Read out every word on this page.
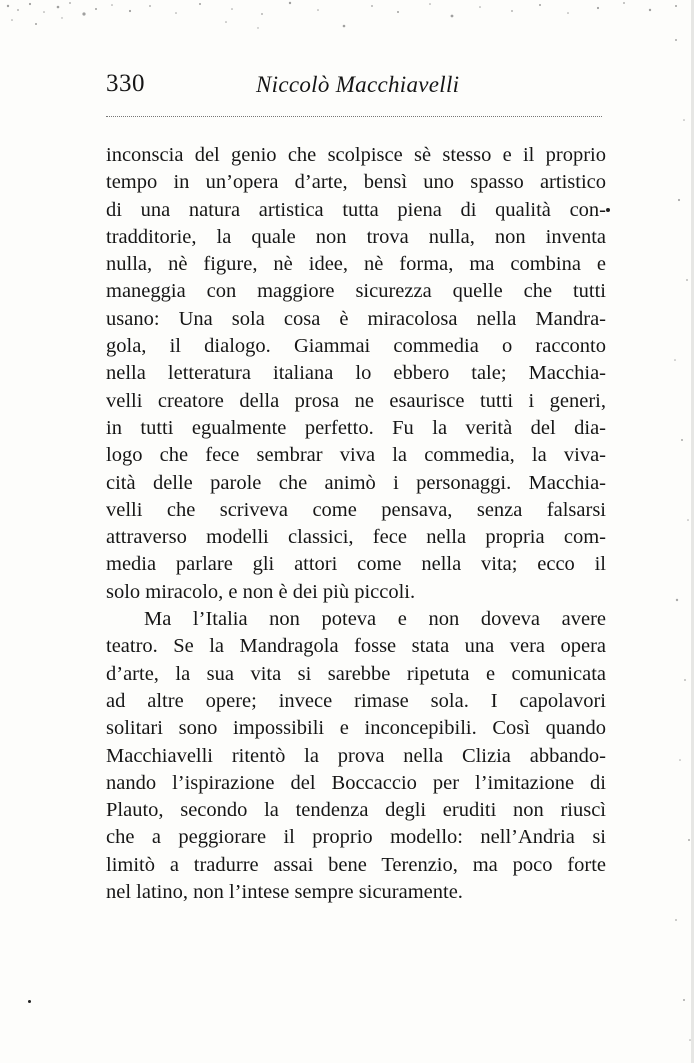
330	Niccolò Macchiavelli
inconscia del genio che scolpisce sè stesso e il proprio
tempo in un’opera d’arte, bensì uno spasso artistico
di una natura artistica tutta piena di qualità con-
tradditorie, la quale non trova nulla, non inventa
nulla, nè figure, nè idee, nè forma, ma combina e
maneggia con maggiore sicurezza quelle che tutti
usano: Una sola cosa è miracolosa nella Mandra-
gola, il dialogo. Giammai commedia o racconto
nella letteratura italiana lo ebbero tale; Macchia-
velli creatore della prosa ne esaurisce tutti i generi,
in tutti egualmente perfetto. Fu la verità del dia-
logo che fece sembrar viva la commedia, la viva-
cità delle parole che animò i personaggi. Macchia-
velli che scriveva come pensava, senza falsarsi
attraverso modelli classici, fece nella propria com-
media parlare gli attori come nella vita; ecco il
solo miracolo, e non è dei più piccoli.
Ma l’Italia non poteva e non doveva avere
teatro. Se la Mandragola fosse stata una vera opera
d’arte, la sua vita si sarebbe ripetuta e comunicata
ad altre opere; invece rimase sola. I capolavori
solitari sono impossibili e inconcepibili. Così quando
Macchiavelli ritentò la prova nella Clizia abbando-
nando l’ispirazione del Boccaccio per l’imitazione di
Plauto, secondo la tendenza degli eruditi non riuscì
che a peggiorare il proprio modello: nell’Andria si
limitò a tradurre assai bene Terenzio, ma poco forte
nel latino, non l’intese sempre sicuramente.
